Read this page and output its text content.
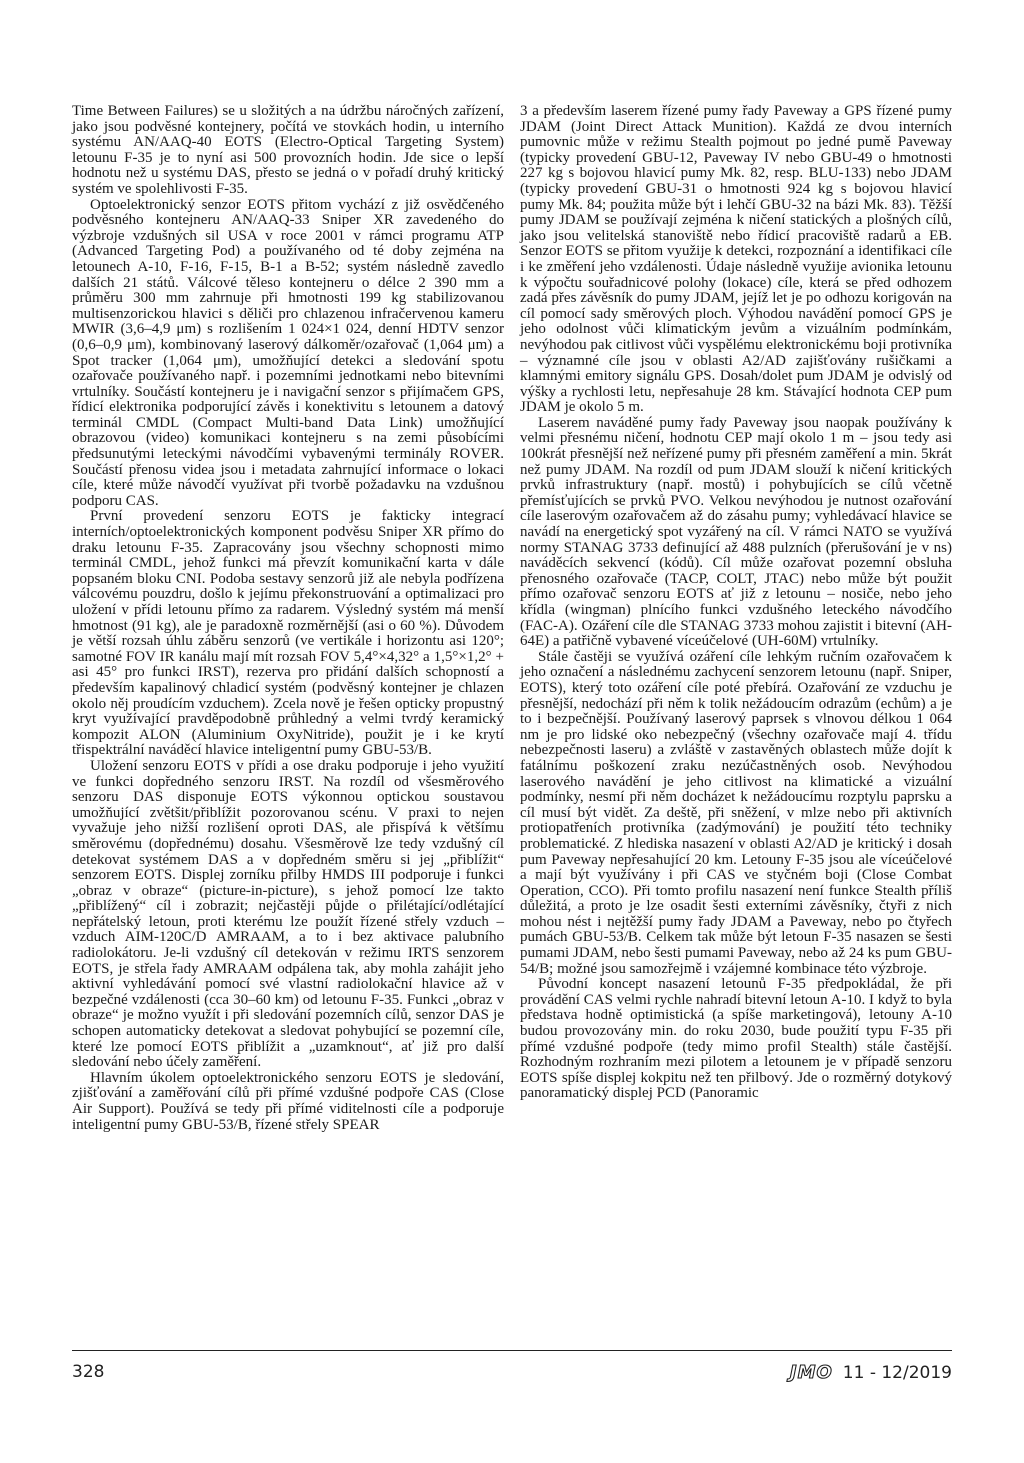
Time Between Failures) se u složitých a na údržbu náročných zařízení, jako jsou podvěsné kontejnery, počítá ve stovkách hodin, u interního systému AN/AAQ-40 EOTS (Electro-Optical Targeting System) letounu F-35 je to nyní asi 500 provozních hodin. Jde sice o lepší hodnotu než u systému DAS, přesto se jedná o v pořadí druhý kritický systém ve spolehlivosti F-35.

Optoelektronický senzor EOTS přitom vychází z již osvědčeného podvěsného kontejneru AN/AAQ-33 Sniper XR zavedeného do výzbroje vzdušných sil USA v roce 2001 v rámci programu ATP (Advanced Targeting Pod) a používaného od té doby zejména na letounech A-10, F-16, F-15, B-1 a B-52; systém následně zavedlo dalších 21 států. Válcové těleso kontejneru o délce 2 390 mm a průměru 300 mm zahrnuje při hmotnosti 199 kg stabilizovanou multisenzorickou hlavici s děliči pro chlazenou infračervenou kameru MWIR (3,6–4,9 μm) s rozlišením 1 024×1 024, denní HDTV senzor (0,6–0,9 μm), kombinovaný laserový dálkoměr/ozařovač (1,064 μm) a Spot tracker (1,064 μm), umožňující detekci a sledování spotu ozařovače používaného např. i pozemními jednotkami nebo bitevními vrtulníky. Součástí kontejneru je i navigační senzor s přijímačem GPS, řídicí elektronika podporující závěs i konektivitu s letounem a datový terminál CMDL (Compact Multi-band Data Link) umožňující obrazovou (video) komunikaci kontejneru s na zemi působícími předsunutými leteckými návodčími vybavenými terminály ROVER. Součástí přenosu videa jsou i metadata zahrnující informace o lokaci cíle, které může návodčí využívat při tvorbě požadavku na vzdušnou podporu CAS.

První provedení senzoru EOTS je fakticky integrací interních/optoelektronických komponent podvěsu Sniper XR přímo do draku letounu F-35. Zapracovány jsou všechny schopnosti mimo terminál CMDL, jehož funkci má převzít komunikační karta v dále popsaném bloku CNI. Podoba sestavy senzorů již ale nebyla podřízena válcovému pouzdru, došlo k jejímu překonstruování a optimalizaci pro uložení v přídi letounu přímo za radarem. Výsledný systém má menší hmotnost (91 kg), ale je paradoxně rozměrnější (asi o 60 %). Důvodem je větší rozsah úhlu záběru senzorů (ve vertikále i horizontu asi 120°; samotné FOV IR kanálu mají mít rozsah FOV 5,4°×4,32° a 1,5°×1,2° + asi 45° pro funkci IRST), rezerva pro přidání dalších schopností a především kapalinový chladicí systém (podvěsný kontejner je chlazen okolo něj proudícím vzduchem). Zcela nově je řešen opticky propustný kryt využívající pravděpodobně průhledný a velmi tvrdý keramický kompozit ALON (Aluminium OxyNitride), použit je i ke krytí třispektrální naváděcí hlavice inteligentní pumy GBU-53/B.

Uložení senzoru EOTS v přídi a ose draku podporuje i jeho využití ve funkci dopředného senzoru IRST. Na rozdíl od všesměrového senzoru DAS disponuje EOTS výkonnou optickou soustavou umožňující zvětšit/přiblížit pozorovanou scénu. V praxi to nejen vyvažuje jeho nižší rozlišení oproti DAS, ale přispívá k většímu směrovému (dopřednému) dosahu. Všesměrově lze tedy vzdušný cíl detekovat systémem DAS a v dopředném směru si jej „přiblížit“ senzorem EOTS. Displej zorníku přilby HMDS III podporuje i funkci „obraz v obraze“ (picture-in-picture), s jehož pomocí lze takto „přiblížený“ cíl i zobrazit; nejčastěji půjde o přilétající/odlétající nepřátelský letoun, proti kterému lze použít řízené střely vzduch – vzduch AIM-120C/D AMRAAM, a to i bez aktivace palubního radiolokátoru. Je-li vzdušný cíl detekován v režimu IRTS senzorem EOTS, je střela řady AMRAAM odpálena tak, aby mohla zahájit jeho aktivní vyhledávání pomocí své vlastní radiolokační hlavice až v bezpečné vzdálenosti (cca 30–60 km) od letounu F-35. Funkci „obraz v obraze“ je možno využít i při sledování pozemních cílů, senzor DAS je schopen automaticky detekovat a sledovat pohybující se pozemní cíle, které lze pomocí EOTS přiblížit a „uzamknout“, ať již pro další sledování nebo účely zaměření.

Hlavním úkolem optoelektronického senzoru EOTS je sledování, zjišťování a zaměřování cílů při přímé vzdušné podpoře CAS (Close Air Support). Používá se tedy při přímé viditelnosti cíle a podporuje inteligentní pumy GBU-53/B, řízené střely SPEAR

3 a především laserem řízené pumy řady Paveway a GPS řízené pumy JDAM (Joint Direct Attack Munition). Každá ze dvou interních pumovnic může v režimu Stealth pojmout po jedné pumě Paveway (typicky provedení GBU-12, Paveway IV nebo GBU-49 o hmotnosti 227 kg s bojovou hlavicí pumy Mk. 82, resp. BLU-133) nebo JDAM (typicky provedení GBU-31 o hmotnosti 924 kg s bojovou hlavicí pumy Mk. 84; použita může být i lehčí GBU-32 na bázi Mk. 83). Těžší pumy JDAM se používají zejména k ničení statických a plošných cílů, jako jsou velitelská stanoviště nebo řídicí pracoviště radarů a EB. Senzor EOTS se přitom využije k detekci, rozpoznání a identifikaci cíle i ke změření jeho vzdálenosti. Údaje následně využije avionika letounu k výpočtu souřadnicové polohy (lokace) cíle, která se před odhozem zadá přes závěsník do pumy JDAM, jejíž let je po odhozu korigován na cíl pomocí sady směrových ploch. Výhodou navádění pomocí GPS je jeho odolnost vůči klimatickým jevům a vizuálním podmínkám, nevýhodou pak citlivost vůči vyspělému elektronickému boji protivníka – významné cíle jsou v oblasti A2/AD zajišťovány rušičkami a klamnými emitory signálu GPS. Dosah/dolet pum JDAM je odvislý od výšky a rychlosti letu, nepřesahuje 28 km. Stávající hodnota CEP pum JDAM je okolo 5 m.

Laserem naváděné pumy řady Paveway jsou naopak používány k velmi přesnému ničení, hodnotu CEP mají okolo 1 m – jsou tedy asi 100krát přesnější než neřízené pumy při přesném zaměření a min. 5krát než pumy JDAM. Na rozdíl od pum JDAM slouží k ničení kritických prvků infrastruktury (např. mostů) i pohybujících se cílů včetně přemísťujících se prvků PVO. Velkou nevýhodou je nutnost ozařování cíle laserovým ozařovačem až do zásahu pumy; vyhledávací hlavice se navádí na energetický spot vyzářený na cíl. V rámci NATO se využívá normy STANAG 3733 definující až 488 pulzních (přerušování je v ns) naváděcích sekvencí (kódů). Cíl může ozařovat pozemní obsluha přenosného ozařovače (TACP, COLT, JTAC) nebo může být použit přímo ozařovač senzoru EOTS ať již z letounu – nosiče, nebo jeho křídla (wingman) plnícího funkci vzdušného leteckého návodčího (FAC-A). Ozáření cíle dle STANAG 3733 mohou zajistit i bitevní (AH-64E) a patřičně vybavené víceúčelové (UH-60M) vrtulníky.

Stále častěji se využívá ozáření cíle lehkým ručním ozařovačem k jeho označení a následnému zachycení senzorem letounu (např. Sniper, EOTS), který toto ozáření cíle poté přebírá. Ozařování ze vzduchu je přesnější, nedochází při něm k tolik nežádoucím odrazům (echům) a je to i bezpečnější. Používaný laserový paprsek s vlnovou délkou 1 064 nm je pro lidské oko nebezpečný (všechny ozařovače mají 4. třídu nebezpečnosti laseru) a zvláště v zastavěných oblastech může dojít k fatálnímu poškození zraku nezúčastněných osob. Nevýhodou laserového navádění je jeho citlivost na klimatické a vizuální podmínky, nesmí při něm docházet k nežádoucímu rozptylu paprsku a cíl musí být vidět. Za deště, při sněžení, v mlze nebo při aktivních protiopatřeních protivníka (zadýmování) je použití této techniky problematické. Z hlediska nasazení v oblasti A2/AD je kritický i dosah pum Paveway nepřesahující 20 km. Letouny F-35 jsou ale víceúčelové a mají být využívány i při CAS ve styčném boji (Close Combat Operation, CCO). Při tomto profilu nasazení není funkce Stealth příliš důležitá, a proto je lze osadit šesti externími závěsníky, čtyři z nich mohou nést i nejtěžší pumy řady JDAM a Paveway, nebo po čtyřech pumách GBU-53/B. Celkem tak může být letoun F-35 nasazen se šesti pumami JDAM, nebo šesti pumami Paveway, nebo až 24 ks pum GBU-54/B; možné jsou samozřejmě i vzájemné kombinace této výzbroje.

Původní koncept nasazení letounů F-35 předpokládal, že při provádění CAS velmi rychle nahradí bitevní letoun A-10. I když to byla představa hodně optimistická (a spíše marketingová), letouny A-10 budou provozovány min. do roku 2030, bude použití typu F-35 při přímé vzdušné podpoře (tedy mimo profil Stealth) stále častější. Rozhodným rozhraním mezi pilotem a letounem je v případě senzoru EOTS spíše displej kokpitu než ten přilbový. Jde o rozměrný dotykový panoramatický displej PCD (Panoramic

328	JMO 11 - 12/2019
